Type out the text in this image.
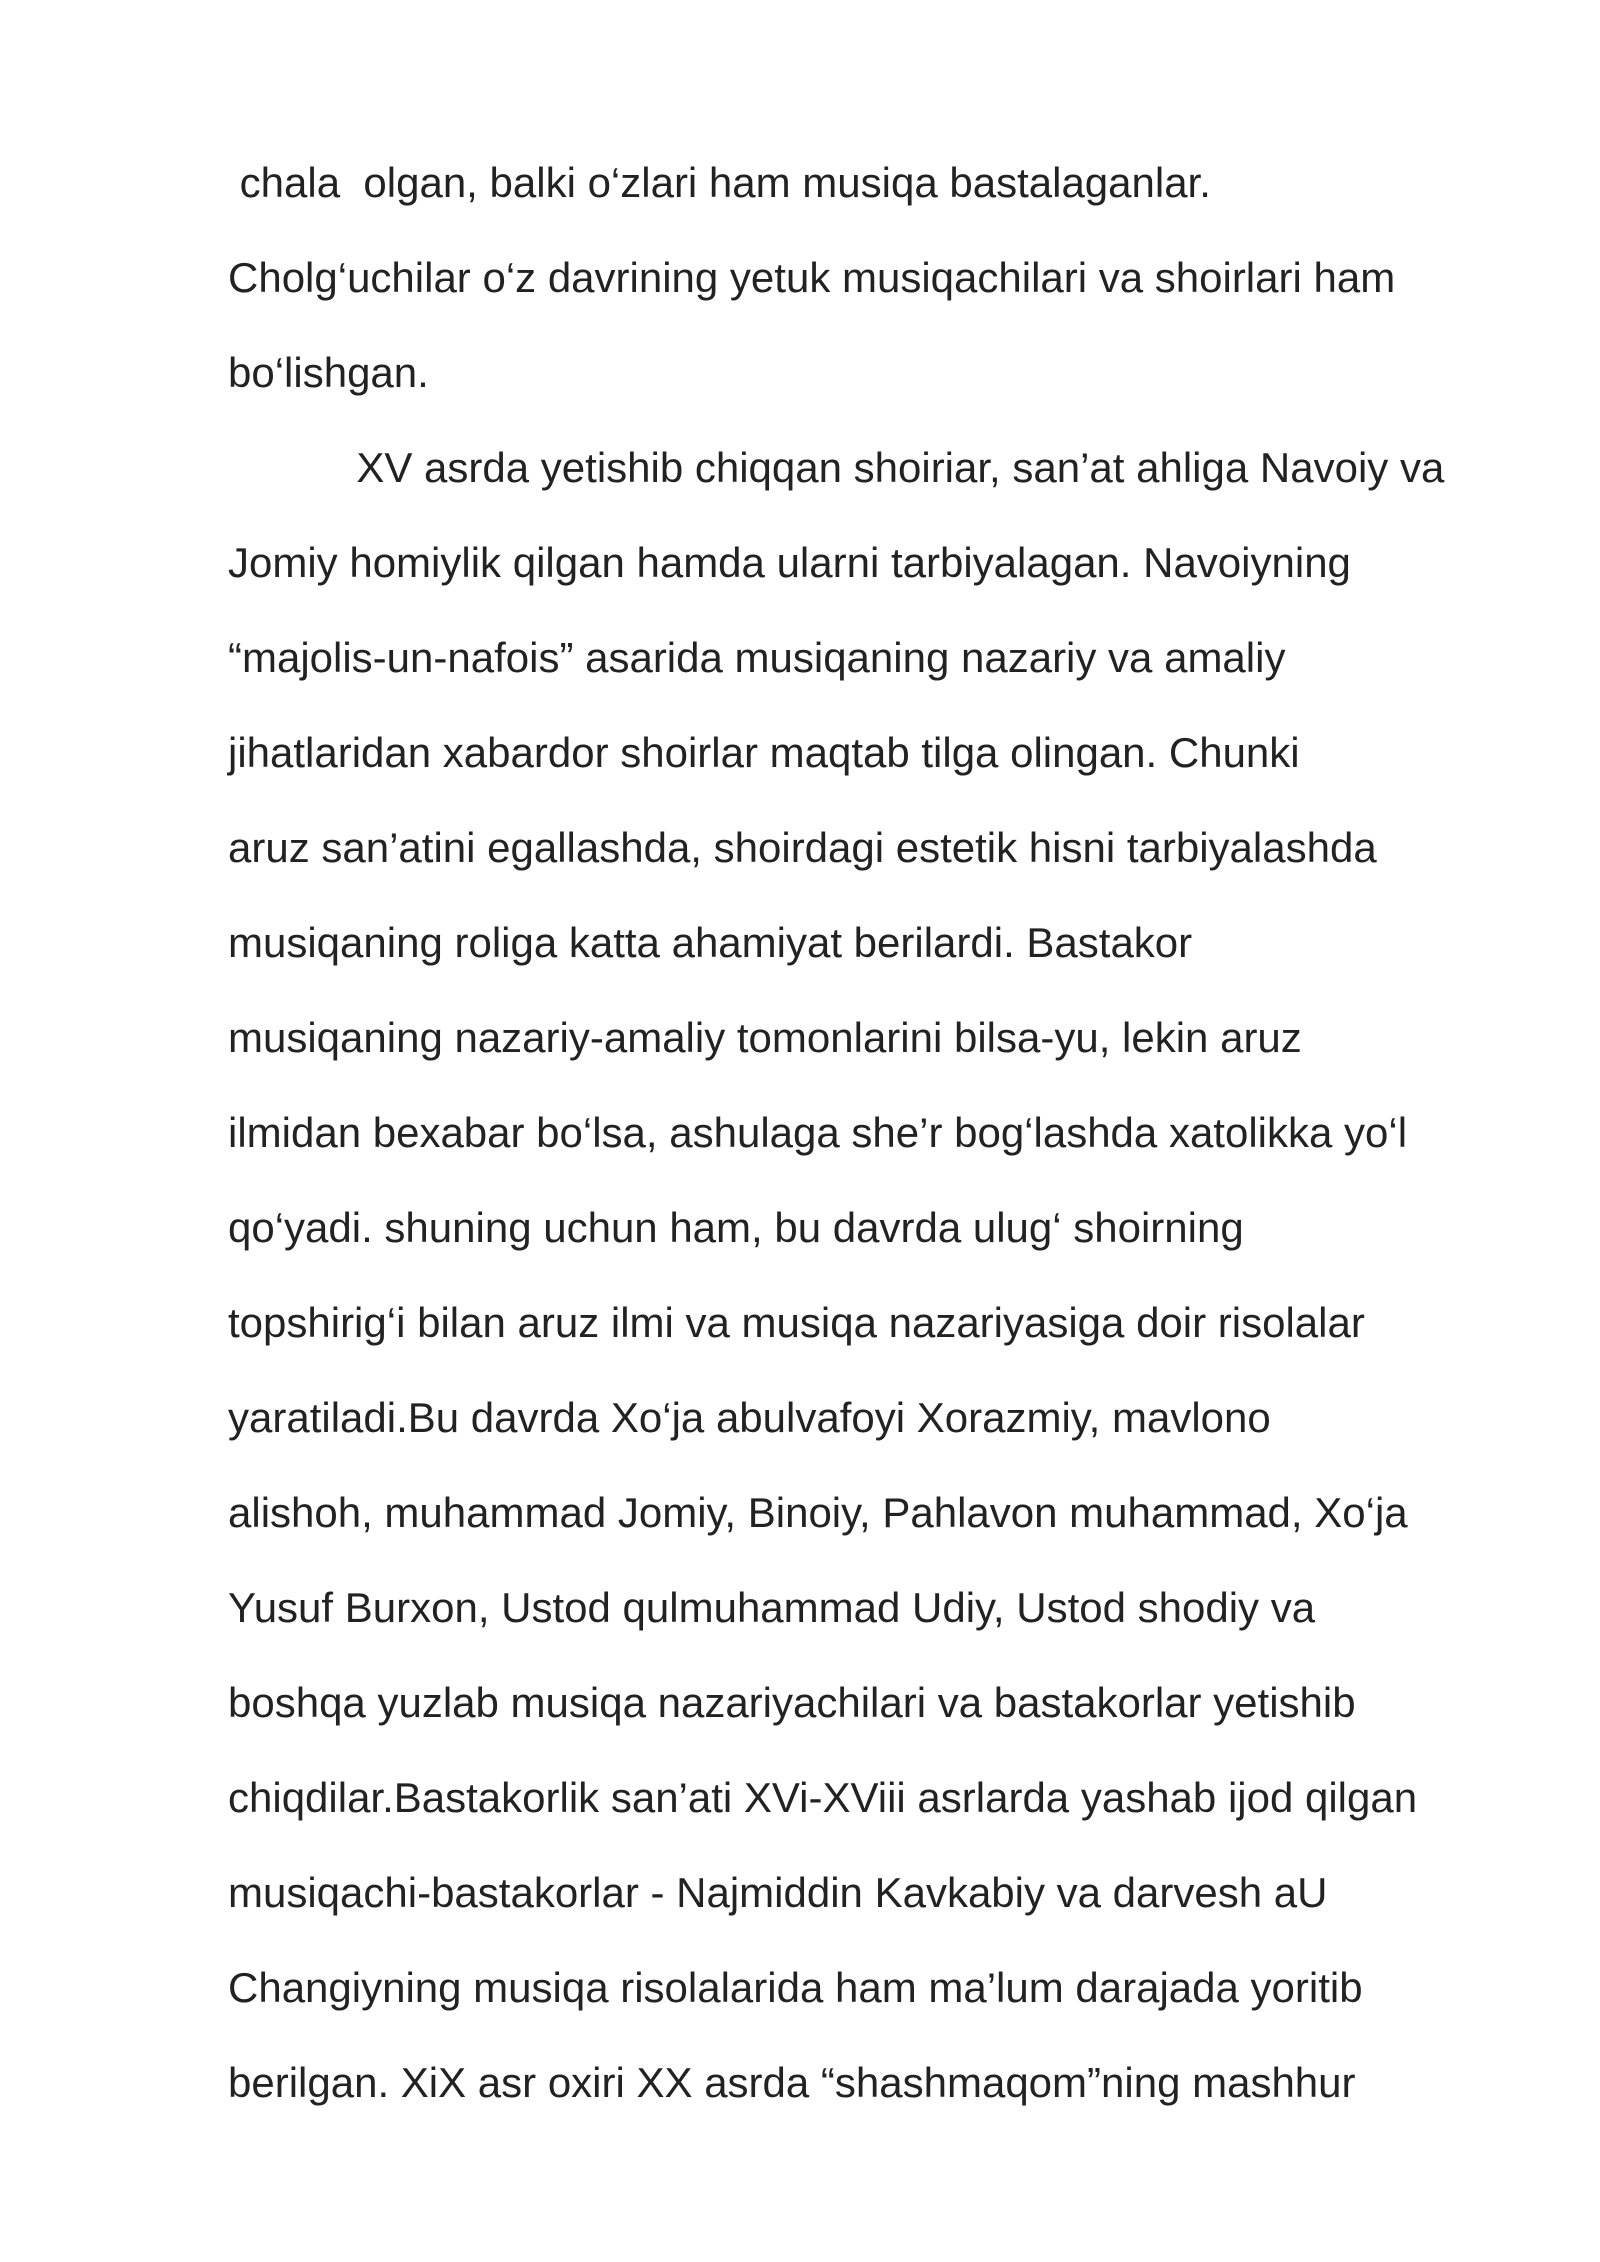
chala  olgan, balki o‘zlari ham musiqa bastalaganlar.
Cholg‘uchilar o‘z davrining yetuk musiqachilari va shoirlari ham
bo‘lishgan.
XV asrda yetishib chiqqan shoiriar, san’at ahliga Navoiy va
Jomiy homiylik qilgan hamda ularni tarbiyalagan. Navoiyning
“majolis-un-nafois” asarida musiqaning nazariy va amaliy
jihatlaridan xabardor shoirlar maqtab tilga olingan. Chunki
aruz san’atini egallashda, shoirdagi estetik hisni tarbiyalashda
musiqaning roliga katta ahamiyat berilardi. Bastakor
musiqaning nazariy-amaliy tomonlarini bilsa-yu, lekin aruz
ilmidan bexabar bo‘lsa, ashulaga she’r bog‘lashda xatolikka yo‘l
qo‘yadi. shuning uchun ham, bu davrda ulug‘ shoirning
topshirig‘i bilan aruz ilmi va musiqa nazariyasiga doir risolalar
yaratiladi.Bu davrda Xo‘ja abulvafoyi Xorazmiy, mavlono
alishoh, muhammad Jomiy, Binoiy, Pahlavon muhammad, Xo‘ja
Yusuf Burxon, Ustod qulmuhammad Udiy, Ustod shodiy va
boshqa yuzlab musiqa nazariyachilari va bastakorlar yetishib
chiqdilar.Bastakorlik san’ati XVi-XViii asrlarda yashab ijod qilgan
musiqachi-bastakorlar - Najmiddin Kavkabiy va darvesh aU
Changiyning musiqa risolalarida ham ma’lum darajada yoritib
berilgan. XiX asr oxiri XX asrda “shashmaqom”ning mashhur
